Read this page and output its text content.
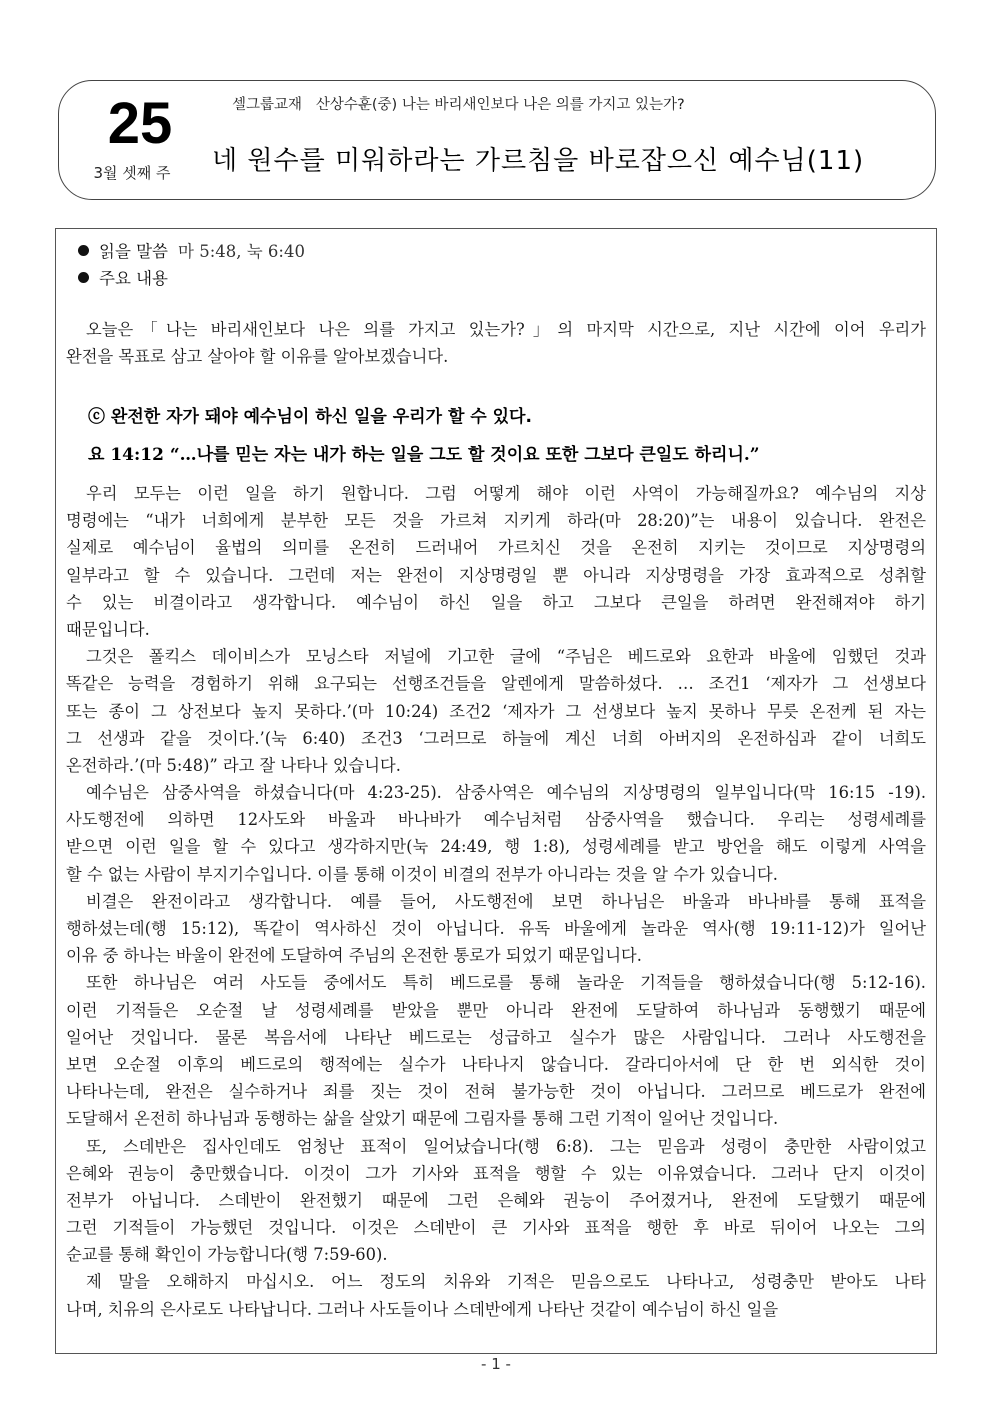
25
3월 셋째 주
셀그룹교재   산상수훈(중) 나는 바리새인보다 나은 의를 가지고 있는가?
네 원수를 미워하라는 가르침을 바로잡으신 예수님(11)
읽을 말씀 마 5:48, 눅 6:40
주요 내용
오늘은「나는 바리새인보다 나은 의를 가지고 있는가?」의 마지막 시간으로, 지난 시간에 이어 우리가
완전을 목표로 삼고 살아야 할 이유를 알아보겠습니다.
ⓒ 완전한 자가 돼야 예수님이 하신 일을 우리가 할 수 있다.
요 14:12 “…나를 믿는 자는 내가 하는 일을 그도 할 것이요 또한 그보다 큰일도 하리니.”

우리 모두는 이런 일을 하기 원합니다. 그럼 어떻게 해야 이런 사역이 가능해질까요? 예수님의 지상
명령에는 “내가 너희에게 분부한 모든 것을 가르쳐 지키게 하라(마 28:20)”는 내용이 있습니다. 완전은
실제로 예수님이 율법의 의미를 온전히 드러내어 가르치신 것을 온전히 지키는 것이므로 지상명령의
일부라고 할 수 있습니다. 그런데 저는 완전이 지상명령일 뿐 아니라 지상명령을 가장 효과적으로 성취할
수 있는 비결이라고 생각합니다. 예수님이 하신 일을 하고 그보다 큰일을 하려면 완전해져야 하기
때문입니다.

그것은 폴킥스 데이비스가 모닝스타 저널에 기고한 글에 “주님은 베드로와 요한과 바울에 임했던 것과
똑같은 능력을 경험하기 위해 요구되는 선행조건들을 알렌에게 말씀하셨다. … 조건1 ‘제자가 그 선생보다
또는 종이 그 상전보다 높지 못하다.’(마 10:24) 조건2 ‘제자가 그 선생보다 높지 못하나 무릇 온전케 된 자는
그 선생과 같을 것이다.’(눅 6:40) 조건3 ‘그러므로 하늘에 계신 너희 아버지의 온전하심과 같이 너희도
온전하라.’(마 5:48)” 라고 잘 나타나 있습니다.

예수님은 삼중사역을 하셨습니다(마 4:23-25). 삼중사역은 예수님의 지상명령의 일부입니다(막 16:15 -19).
사도행전에 의하면 12사도와 바울과 바나바가 예수님처럼 삼중사역을 했습니다. 우리는 성령세례를
받으면 이런 일을 할 수 있다고 생각하지만(눅 24:49, 행 1:8), 성령세례를 받고 방언을 해도 이렇게 사역을
할 수 없는 사람이 부지기수입니다. 이를 통해 이것이 비결의 전부가 아니라는 것을 알 수가 있습니다.

비결은 완전이라고 생각합니다. 예를 들어, 사도행전에 보면 하나님은 바울과 바나바를 통해 표적을
행하셨는데(행 15:12), 똑같이 역사하신 것이 아닙니다. 유독 바울에게 놀라운 역사(행 19:11-12)가 일어난
이유 중 하나는 바울이 완전에 도달하여 주님의 온전한 통로가 되었기 때문입니다.

또한 하나님은 여러 사도들 중에서도 특히 베드로를 통해 놀라운 기적들을 행하셨습니다(행 5:12-16).
이런 기적들은 오순절 날 성령세례를 받았을 뿐만 아니라 완전에 도달하여 하나님과 동행했기 때문에
일어난 것입니다. 물론 복음서에 나타난 베드로는 성급하고 실수가 많은 사람입니다. 그러나 사도행전을
보면 오순절 이후의 베드로의 행적에는 실수가 나타나지 않습니다. 갈라디아서에 단 한 번 외식한 것이
나타나는데, 완전은 실수하거나 죄를 짓는 것이 전혀 불가능한 것이 아닙니다. 그러므로 베드로가 완전에
도달해서 온전히 하나님과 동행하는 삶을 살았기 때문에 그림자를 통해 그런 기적이 일어난 것입니다.

또, 스데반은 집사인데도 엄청난 표적이 일어났습니다(행 6:8). 그는 믿음과 성령이 충만한 사람이었고
은혜와 권능이 충만했습니다. 이것이 그가 기사와 표적을 행할 수 있는 이유였습니다. 그러나 단지 이것이
전부가 아닙니다. 스데반이 완전했기 때문에 그런 은혜와 권능이 주어졌거나, 완전에 도달했기 때문에
그런 기적들이 가능했던 것입니다. 이것은 스데반이 큰 기사와 표적을 행한 후 바로 뒤이어 나오는 그의
순교를 통해 확인이 가능합니다(행 7:59-60).

제 말을 오해하지 마십시오. 어느 정도의 치유와 기적은 믿음으로도 나타나고, 성령충만 받아도 나타
나며, 치유의 은사로도 나타납니다. 그러나 사도들이나 스데반에게 나타난 것같이 예수님이 하신 일을

- 1 -
